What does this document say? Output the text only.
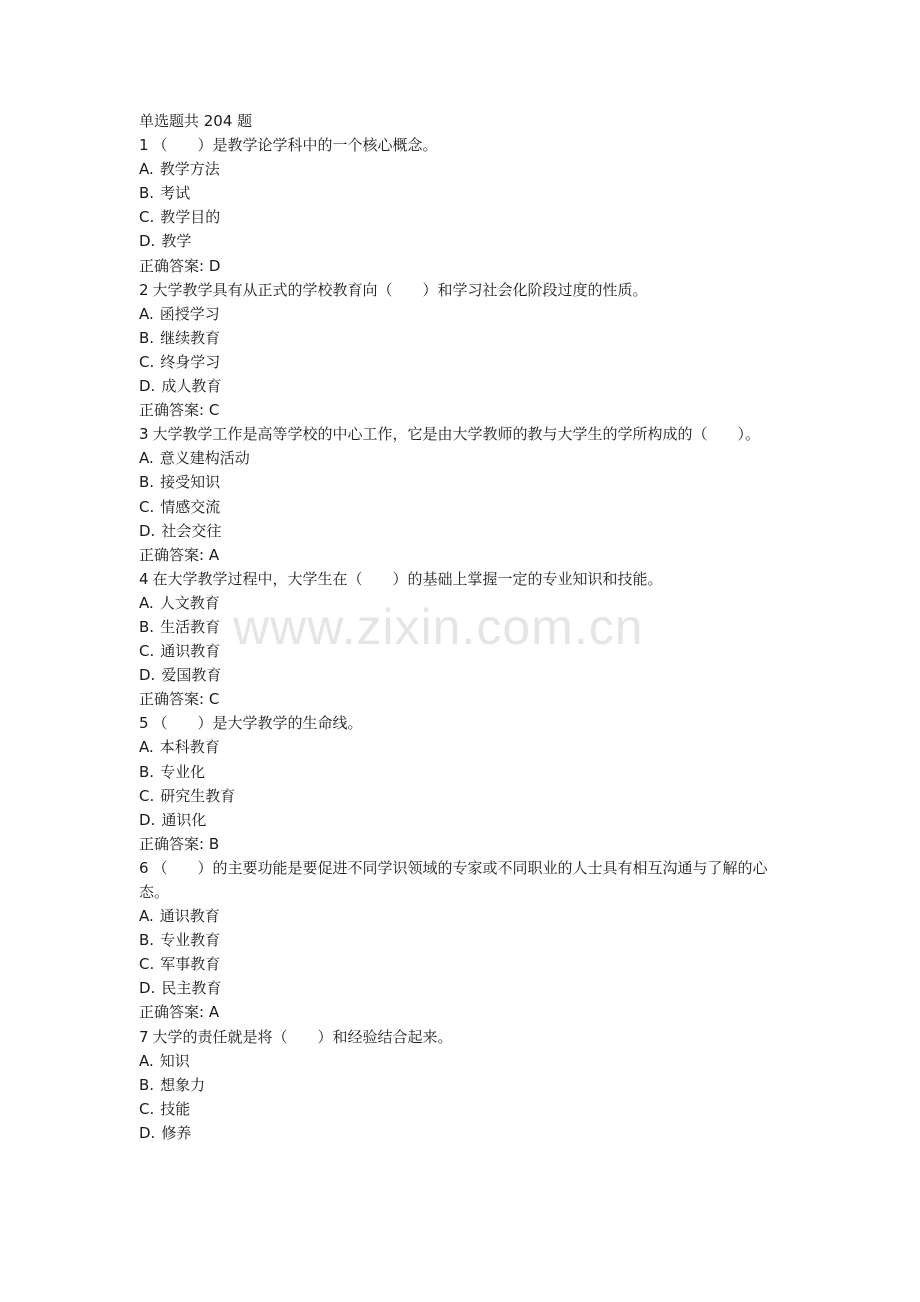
单选题共 204 题
1 （　　）是教学论学科中的一个核心概念。
A. 教学方法
B. 考试
C. 教学目的
D. 教学
正确答案: D
2 大学教学具有从正式的学校教育向（　　）和学习社会化阶段过度的性质。
A. 函授学习
B. 继续教育
C. 终身学习
D. 成人教育
正确答案: C
3 大学教学工作是高等学校的中心工作，它是由大学教师的教与大学生的学所构成的（　　）。
A. 意义建构活动
B. 接受知识
C. 情感交流
D. 社会交往
正确答案: A
4 在大学教学过程中，大学生在（　　）的基础上掌握一定的专业知识和技能。
A. 人文教育
B. 生活教育
C. 通识教育
D. 爱国教育
正确答案: C
5 （　　）是大学教学的生命线。
A. 本科教育
B. 专业化
C. 研究生教育
D. 通识化
正确答案: B
6 （　　）的主要功能是要促进不同学识领域的专家或不同职业的人士具有相互沟通与了解的心态。
A. 通识教育
B. 专业教育
C. 军事教育
D. 民主教育
正确答案: A
7 大学的责任就是将（　　）和经验结合起来。
A. 知识
B. 想象力
C. 技能
D. 修养
www.zixin.com.cn
